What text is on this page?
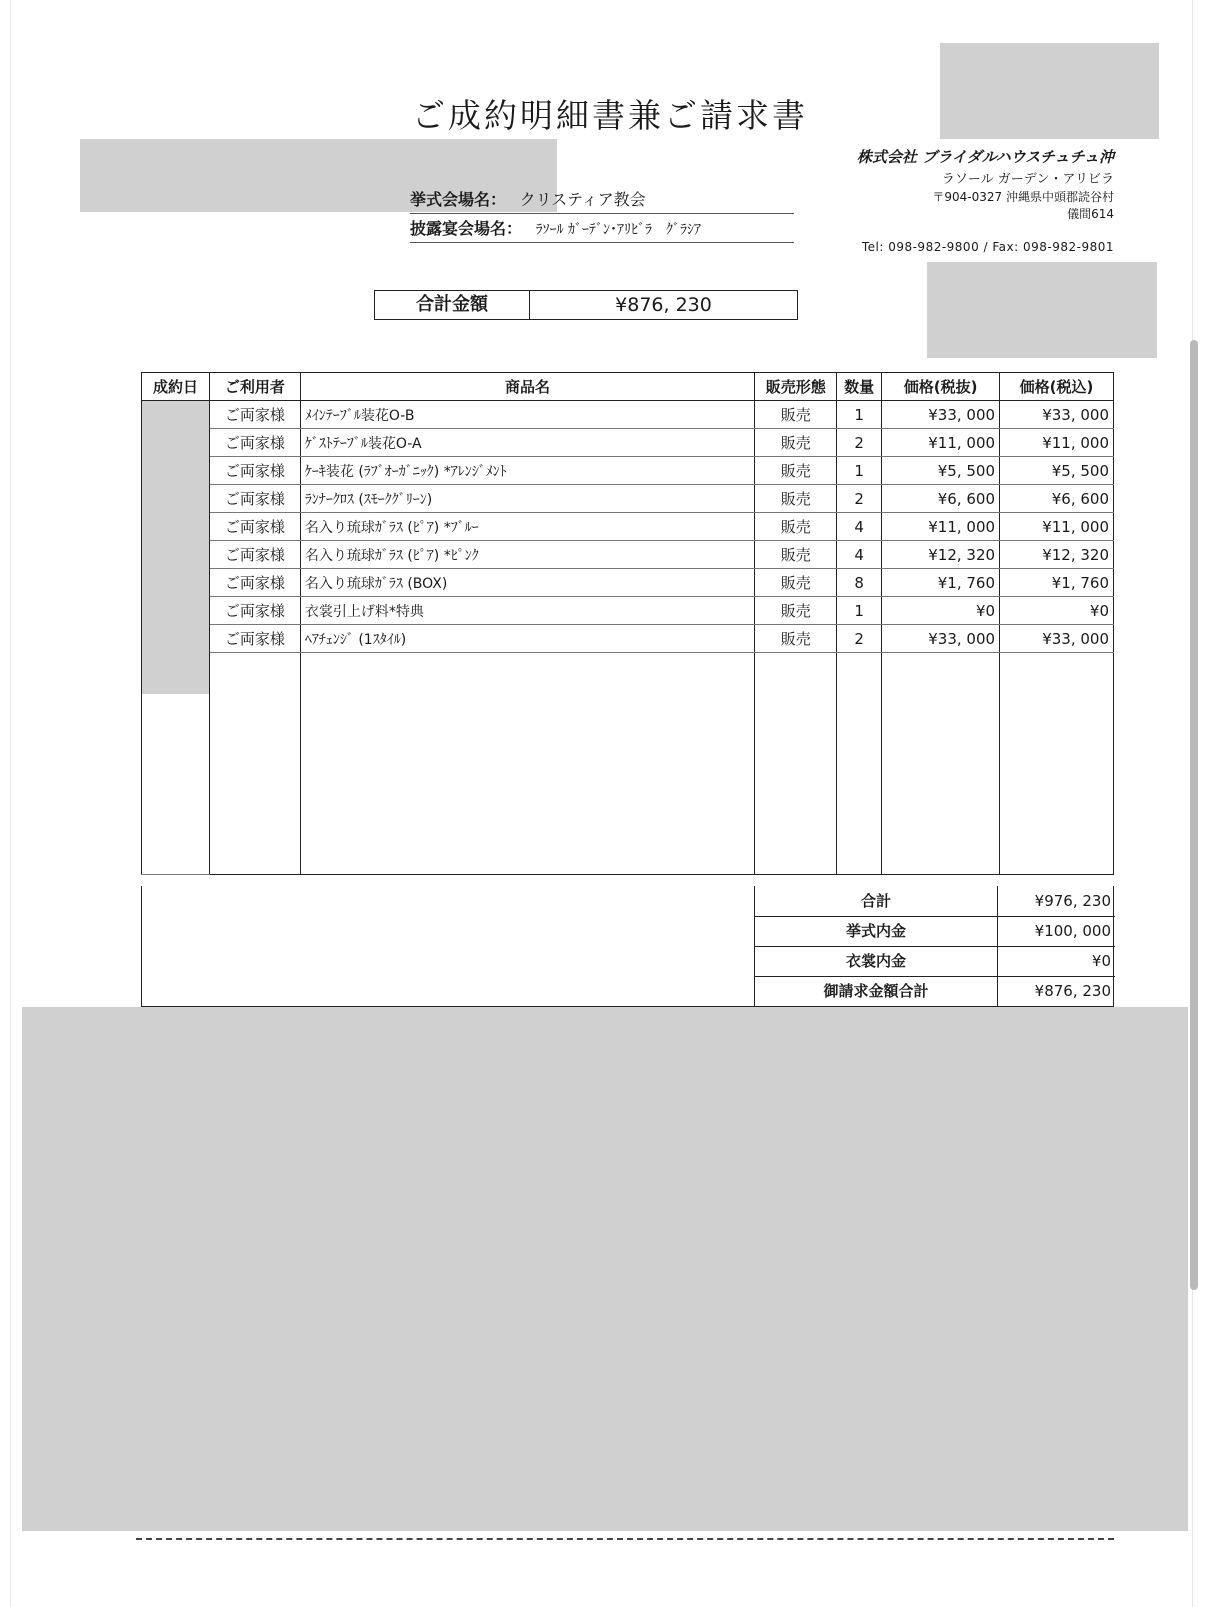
ご成約明細書兼ご請求書
挙式会場名： クリスティア教会
披露宴会場名： ﾗｿｰﾙ ｶﾞｰﾃﾞﾝ･ｱﾘﾋﾞﾗ　ｸﾞﾗｼｱ
株式会社 ブライダルハウスチュチュ沖
ラソール ガーデン・アリビラ
〒904-0327 沖縄県中頭郡読谷村
儀間614
Tel: 098-982-9800 / Fax: 098-982-9801
合計金額	¥876, 230
成約日	ご利用者	商品名	販売形態	数量	価格(税抜)	価格(税込)

	ご両家様	ﾒｲﾝﾃｰﾌﾞﾙ装花O-B	販売	1	¥33, 000	¥33, 000
	ご両家様	ｹﾞｽﾄﾃｰﾌﾞﾙ装花O-A	販売	2	¥11, 000	¥11, 000
	ご両家様	ｹｰｷ装花 (ﾗﾌﾞｵｰｶﾞﾆｯｸ) *ｱﾚﾝｼﾞﾒﾝﾄ	販売	1	¥5, 500	¥5, 500
	ご両家様	ﾗﾝﾅｰｸﾛｽ (ｽﾓｰｸｸﾞﾘｰﾝ)	販売	2	¥6, 600	¥6, 600
	ご両家様	名入り琉球ｶﾞﾗｽ (ﾋﾟｱ) *ﾌﾞﾙｰ	販売	4	¥11, 000	¥11, 000
	ご両家様	名入り琉球ｶﾞﾗｽ (ﾋﾟｱ) *ﾋﾟﾝｸ	販売	4	¥12, 320	¥12, 320
	ご両家様	名入り琉球ｶﾞﾗｽ (BOX)	販売	8	¥1, 760	¥1, 760
	ご両家様	衣裳引上げ料*特典	販売	1	¥0	¥0
	ご両家様	ﾍｱﾁｪﾝｼﾞ (1ｽﾀｲﾙ)	販売	2	¥33, 000	¥33, 000

合計	¥976, 230
挙式内金	¥100, 000
衣裳内金	¥0
御請求金額合計	¥876, 230
